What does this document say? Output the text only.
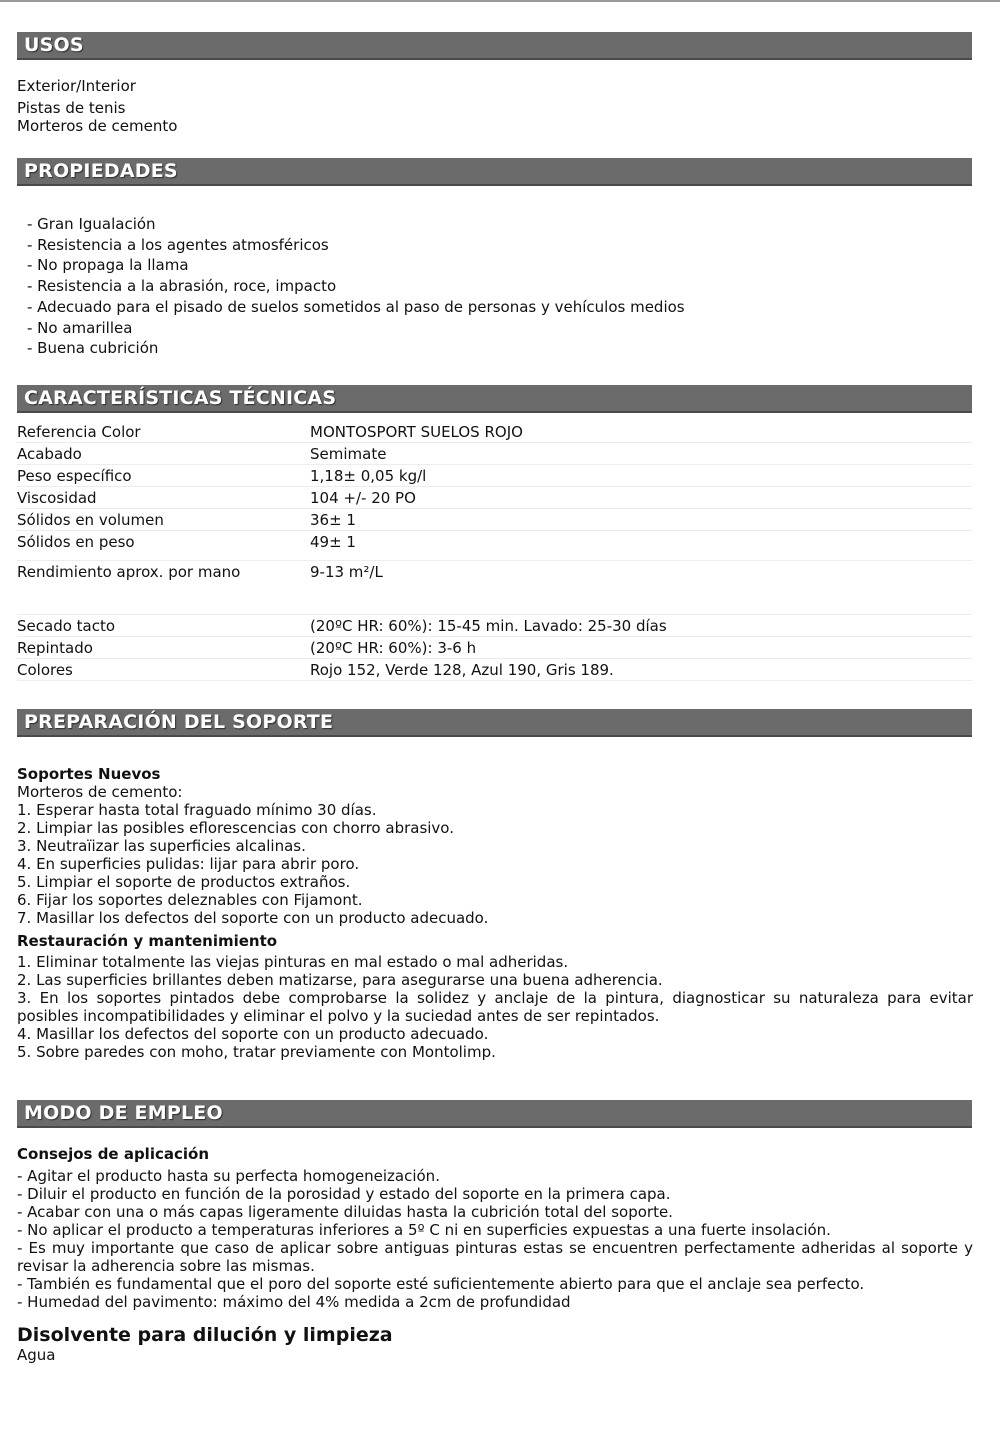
USOS
Exterior/Interior
Pistas de tenis
Morteros de cemento
PROPIEDADES
- Gran Igualación
- Resistencia a los agentes atmosféricos
- No propaga la llama
- Resistencia a la abrasión, roce, impacto
- Adecuado para el pisado de suelos sometidos al paso de personas y vehículos medios
- No amarillea
- Buena cubrición
CARACTERÍSTICAS TÉCNICAS
Referencia Color	MONTOSPORT SUELOS ROJO
Acabado	Semimate
Peso específico	1,18± 0,05 kg/l
Viscosidad	104 +/- 20 PO
Sólidos en volumen	36± 1
Sólidos en peso	49± 1
Rendimiento aprox. por mano	9-13 m²/L
Secado tacto	(20ºC HR: 60%): 15-45 min. Lavado: 25-30 días
Repintado	(20ºC HR: 60%): 3-6 h
Colores	Rojo 152, Verde 128, Azul 190, Gris 189.
PREPARACIÓN DEL SOPORTE
Soportes Nuevos
Morteros de cemento:
1. Esperar hasta total fraguado mínimo 30 días.
2. Limpiar las posibles eflorescencias con chorro abrasivo.
3. Neutraïizar las superficies alcalinas.
4. En superficies pulidas: lijar para abrir poro.
5. Limpiar el soporte de productos extraños.
6. Fijar los soportes deleznables con Fijamont.
7. Masillar los defectos del soporte con un producto adecuado.
Restauración y mantenimiento
1. Eliminar totalmente las viejas pinturas en mal estado o mal adheridas.
2. Las superficies brillantes deben matizarse, para asegurarse una buena adherencia.
3. En los soportes pintados debe comprobarse la solidez y anclaje de la pintura, diagnosticar su naturaleza para evitar posibles incompatibilidades y eliminar el polvo y la suciedad antes de ser repintados.
4. Masillar los defectos del soporte con un producto adecuado.
5. Sobre paredes con moho, tratar previamente con Montolimp.
MODO DE EMPLEO
Consejos de aplicación
- Agitar el producto hasta su perfecta homogeneización.
- Diluir el producto en función de la porosidad y estado del soporte en la primera capa.
- Acabar con una o más capas ligeramente diluidas hasta la cubrición total del soporte.
- No aplicar el producto a temperaturas inferiores a 5º C ni en superficies expuestas a una fuerte insolación.
- Es muy importante que caso de aplicar sobre antiguas pinturas estas se encuentren perfectamente adheridas al soporte y revisar la adherencia sobre las mismas.
- También es fundamental que el poro del soporte esté suficientemente abierto para que el anclaje sea perfecto.
- Humedad del pavimento: máximo del 4% medida a 2cm de profundidad
Disolvente para dilución y limpieza
Agua
